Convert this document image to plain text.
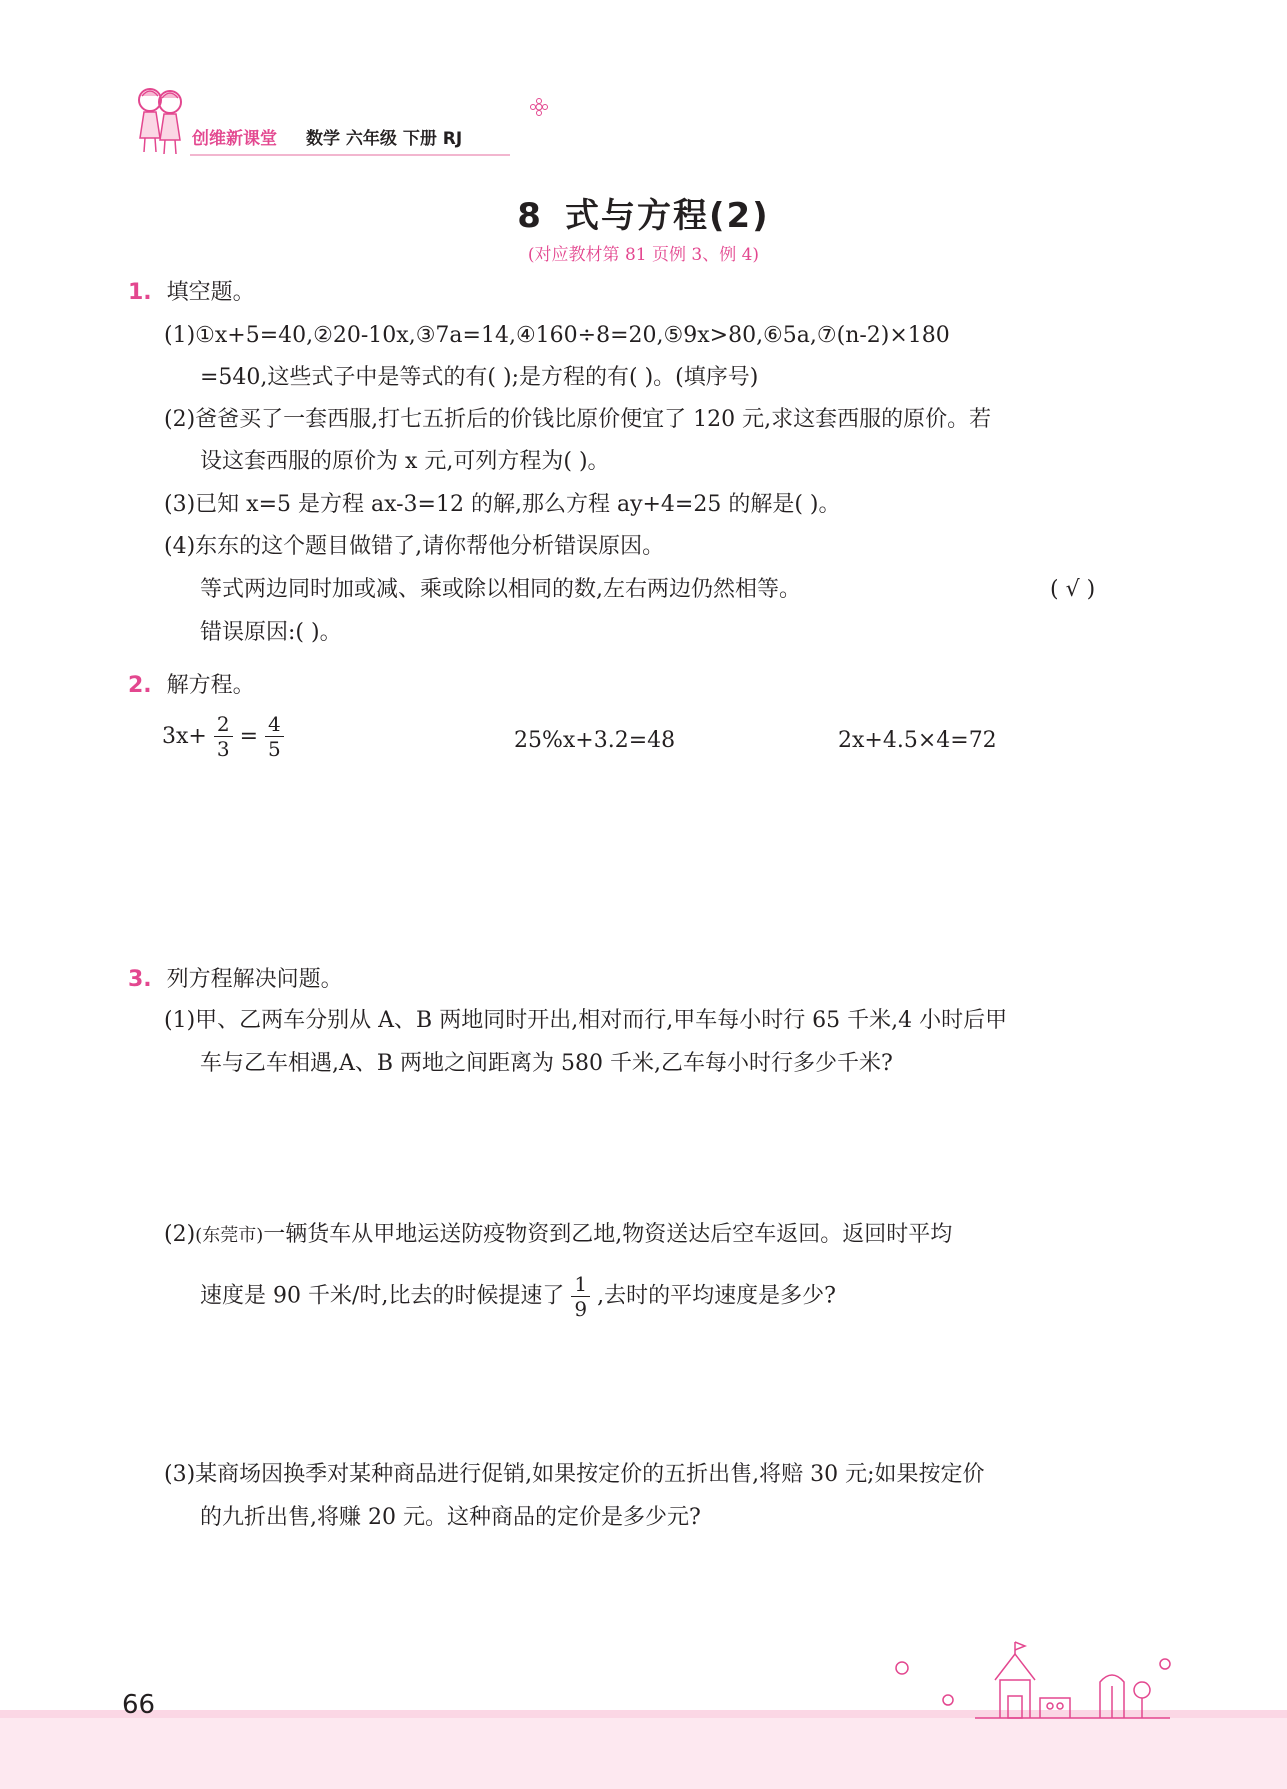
创维新课堂 数学 六年级 下册 RJ
8 式与方程(2)
(对应教材第 81 页例 3、例 4)
1. 填空题。
(1)①x+5=40,②20-10x,③7a=14,④160÷8=20,⑤9x>80,⑥5a,⑦(n-2)×180
=540,这些式子中是等式的有( );是方程的有( )。(填序号)
(2)爸爸买了一套西服,打七五折后的价钱比原价便宜了 120 元,求这套西服的原价。若
设这套西服的原价为 x 元,可列方程为( )。
(3)已知 x=5 是方程 ax-3=12 的解,那么方程 ay+4=25 的解是( )。
(4)东东的这个题目做错了,请你帮他分析错误原因。
等式两边同时加或减、乘或除以相同的数,左右两边仍然相等。	( √ )
错误原因:( )。
2. 解方程。
$3x+ \frac{2}{3} = \frac{4}{5}$	25%x+3.2=48	2x+4.5×4=72
3. 列方程解决问题。
(1)甲、乙两车分别从 A、B 两地同时开出,相对而行,甲车每小时行 65 千米,4 小时后甲
车与乙车相遇,A、B 两地之间距离为 580 千米,乙车每小时行多少千米?
(2)(东莞市)一辆货车从甲地运送防疫物资到乙地,物资送达后空车返回。返回时平均
速度是 90 千米/时,比去的时候提速了 $\frac{1}{9}$ ,去时的平均速度是多少?
(3)某商场因换季对某种商品进行促销,如果按定价的五折出售,将赔 30 元;如果按定价
的九折出售,将赚 20 元。这种商品的定价是多少元?
66
